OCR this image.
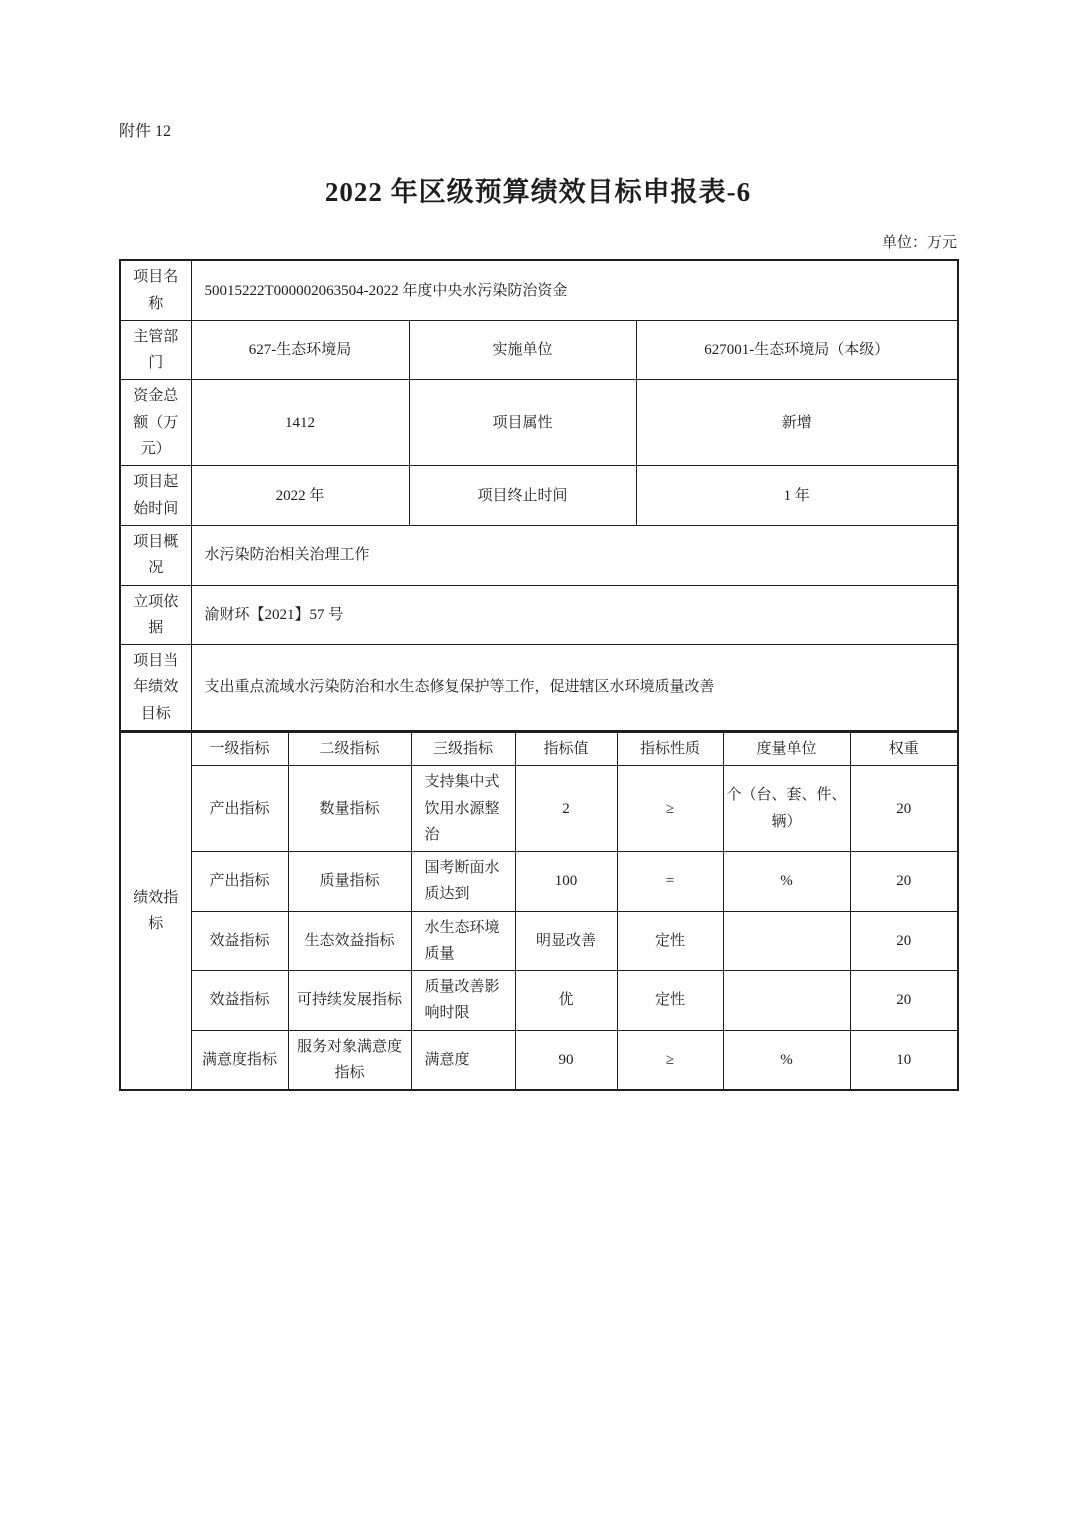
附件 12
2022 年区级预算绩效目标申报表-6
单位：万元
项目名称	50015222T000002063504-2022 年度中央水污染防治资金		
主管部门	627-生态环境局	实施单位	627001-生态环境局（本级）
资金总额（万元）	1412	项目属性	新增
项目起始时间	2022 年	项目终止时间	1 年
项目概况	水污染防治相关治理工作		
立项依据	渝财环【2021】57 号		
项目当年绩效目标	支出重点流域水污染防治和水生态修复保护等工作，促进辖区水环境质量改善		
绩效指标	一级指标	二级指标	三级指标	指标值	指标性质	度量单位	权重
	产出指标	数量指标	支持集中式饮用水源整治	2	≥	个（台、套、件、辆）	20
	产出指标	质量指标	国考断面水质达到	100	=	%	20
	效益指标	生态效益指标	水生态环境质量	明显改善	定性		20
	效益指标	可持续发展指标	质量改善影响时限	优	定性		20
	满意度指标	服务对象满意度指标	满意度	90	≥	%	10
